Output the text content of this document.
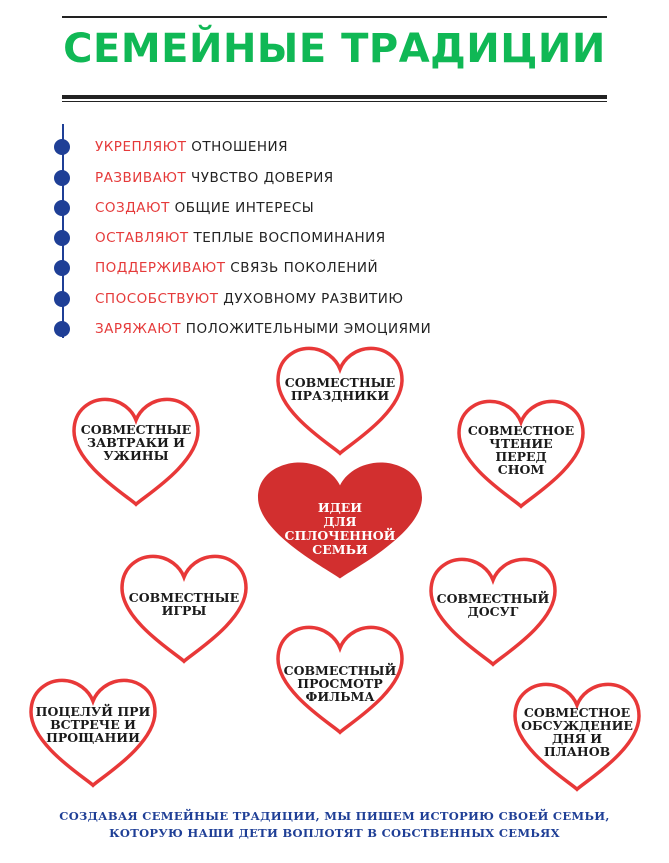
СЕМЕЙНЫЕ ТРАДИЦИИ
УКРЕПЛЯЮТ ОТНОШЕНИЯ
РАЗВИВАЮТ ЧУВСТВО ДОВЕРИЯ
СОЗДАЮТ ОБЩИЕ ИНТЕРЕСЫ
ОСТАВЛЯЮТ ТЕПЛЫЕ ВОСПОМИНАНИЯ
ПОДДЕРЖИВАЮТ СВЯЗЬ ПОКОЛЕНИЙ
СПОСОБСТВУЮТ ДУХОВНОМУ РАЗВИТИЮ
ЗАРЯЖАЮТ ПОЛОЖИТЕЛЬНЫМИ ЭМОЦИЯМИ
ИДЕИ
ДЛЯ
СПЛОЧЕННОЙ
СЕМЬИ
СОВМЕСТНЫЕ
ПРАЗДНИКИ
СОВМЕСТНЫЕ
ЗАВТРАКИ И
УЖИНЫ
СОВМЕСТНОЕ
ЧТЕНИЕ
ПЕРЕД
СНОМ
СОВМЕСТНЫЕ
ИГРЫ
СОВМЕСТНЫЙ
ДОСУГ
СОВМЕСТНЫЙ
ПРОСМОТР
ФИЛЬМА
ПОЦЕЛУЙ ПРИ
ВСТРЕЧЕ И
ПРОЩАНИИ
СОВМЕСТНОЕ
ОБСУЖДЕНИЕ
ДНЯ И
ПЛАНОВ
СОЗДАВАЯ СЕМЕЙНЫЕ ТРАДИЦИИ, МЫ ПИШЕМ ИСТОРИЮ СВОЕЙ СЕМЬИ,
КОТОРУЮ НАШИ ДЕТИ ВОПЛОТЯТ В СОБСТВЕННЫХ СЕМЬЯХ
